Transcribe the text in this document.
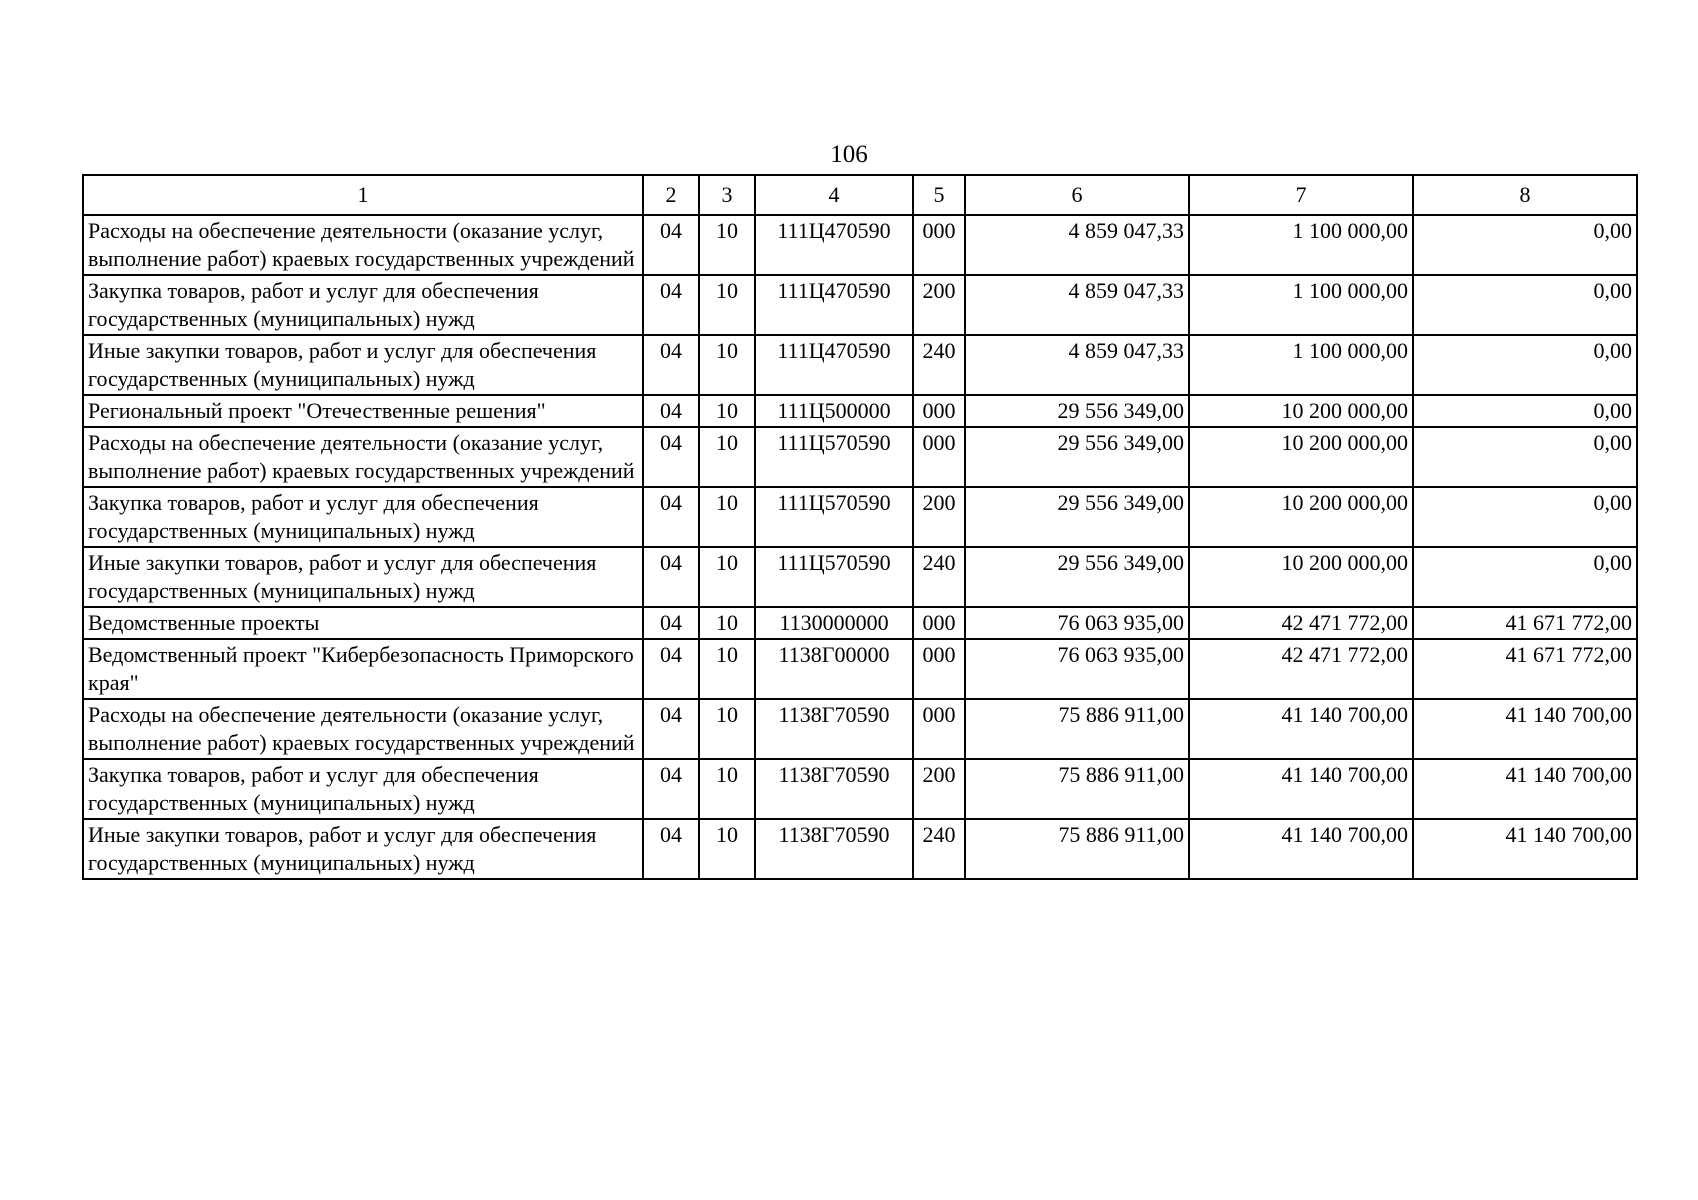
106
1	2	3	4	5	6	7	8
Расходы на обеспечение деятельности (оказание услуг, выполнение работ) краевых государственных учреждений	04	10	111Ц470590	000	4 859 047,33	1 100 000,00	0,00
Закупка товаров, работ и услуг для обеспечения государственных (муниципальных) нужд	04	10	111Ц470590	200	4 859 047,33	1 100 000,00	0,00
Иные закупки товаров, работ и услуг для обеспечения государственных (муниципальных) нужд	04	10	111Ц470590	240	4 859 047,33	1 100 000,00	0,00
Региональный проект "Отечественные решения"	04	10	111Ц500000	000	29 556 349,00	10 200 000,00	0,00
Расходы на обеспечение деятельности (оказание услуг, выполнение работ) краевых государственных учреждений	04	10	111Ц570590	000	29 556 349,00	10 200 000,00	0,00
Закупка товаров, работ и услуг для обеспечения государственных (муниципальных) нужд	04	10	111Ц570590	200	29 556 349,00	10 200 000,00	0,00
Иные закупки товаров, работ и услуг для обеспечения государственных (муниципальных) нужд	04	10	111Ц570590	240	29 556 349,00	10 200 000,00	0,00
Ведомственные проекты	04	10	1130000000	000	76 063 935,00	42 471 772,00	41 671 772,00
Ведомственный проект "Кибербезопасность Приморского края"	04	10	1138Г00000	000	76 063 935,00	42 471 772,00	41 671 772,00
Расходы на обеспечение деятельности (оказание услуг, выполнение работ) краевых государственных учреждений	04	10	1138Г70590	000	75 886 911,00	41 140 700,00	41 140 700,00
Закупка товаров, работ и услуг для обеспечения государственных (муниципальных) нужд	04	10	1138Г70590	200	75 886 911,00	41 140 700,00	41 140 700,00
Иные закупки товаров, работ и услуг для обеспечения государственных (муниципальных) нужд	04	10	1138Г70590	240	75 886 911,00	41 140 700,00	41 140 700,00
